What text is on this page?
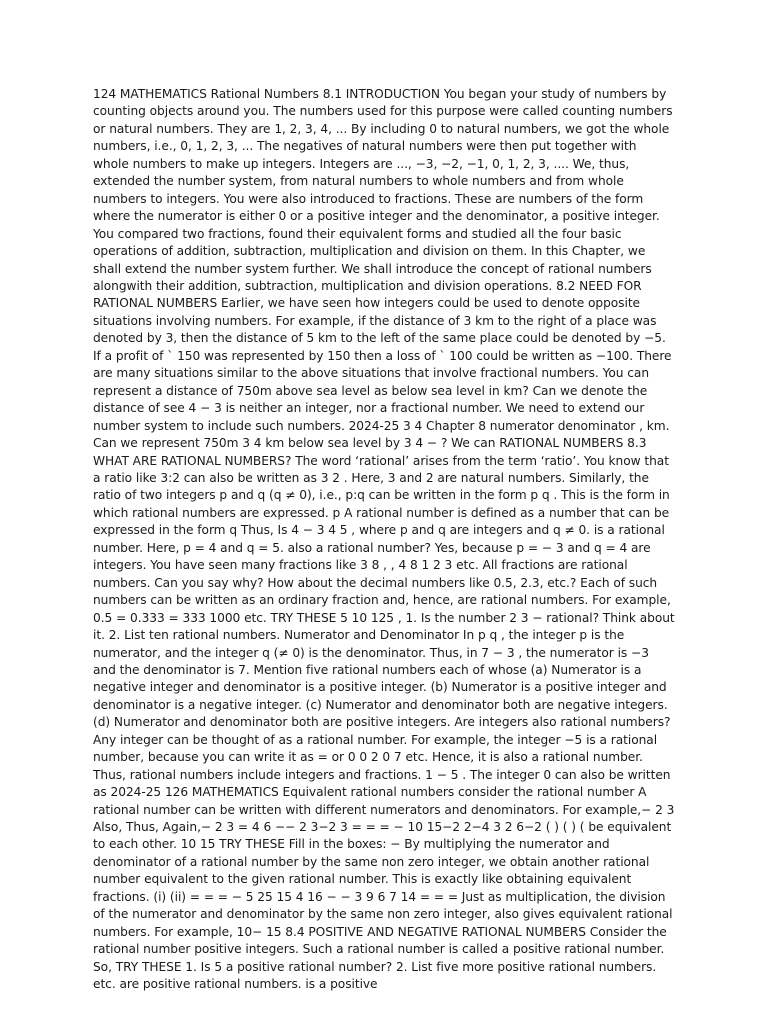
124 MATHEMATICS Rational Numbers 8.1 INTRODUCTION You began your study of numbers by counting objects around you. The numbers used for this purpose were called counting numbers or natural numbers. They are 1, 2, 3, 4, ... By including 0 to natural numbers, we got the whole numbers, i.e., 0, 1, 2, 3, ... The negatives of natural numbers were then put together with whole numbers to make up integers. Integers are ..., −3, −2, −1, 0, 1, 2, 3, .... We, thus, extended the number system, from natural numbers to whole numbers and from whole numbers to integers. You were also introduced to fractions. These are numbers of the form where the numerator is either 0 or a positive integer and the denominator, a positive integer. You compared two fractions, found their equivalent forms and studied all the four basic operations of addition, subtraction, multiplication and division on them. In this Chapter, we shall extend the number system further. We shall introduce the concept of rational numbers alongwith their addition, subtraction, multiplication and division operations. 8.2 NEED FOR RATIONAL NUMBERS Earlier, we have seen how integers could be used to denote opposite situations involving numbers. For example, if the distance of 3 km to the right of a place was denoted by 3, then the distance of 5 km to the left of the same place could be denoted by −5. If a profit of ` 150 was represented by 150 then a loss of ` 100 could be written as −100. There are many situations similar to the above situations that involve fractional numbers. You can represent a distance of 750m above sea level as below sea level in km? Can we denote the distance of see 4 − 3 is neither an integer, nor a fractional number. We need to extend our number system to include such numbers. 2024-25 3 4 Chapter 8 numerator denominator , km. Can we represent 750m 3 4 km below sea level by 3 4 − ? We can RATIONAL NUMBERS 8.3 WHAT ARE RATIONAL NUMBERS? The word ‘rational’ arises from the term ‘ratio’. You know that a ratio like 3:2 can also be written as 3 2 . Here, 3 and 2 are natural numbers. Similarly, the ratio of two integers p and q (q ≠ 0), i.e., p:q can be written in the form p q . This is the form in which rational numbers are expressed. p A rational number is defined as a number that can be expressed in the form q Thus, Is 4 − 3 4 5 , where p and q are integers and q ≠ 0. is a rational number. Here, p = 4 and q = 5. also a rational number? Yes, because p = − 3 and q = 4 are integers. You have seen many fractions like 3 8 , , 4 8 1 2 3 etc. All fractions are rational numbers. Can you say why? How about the decimal numbers like 0.5, 2.3, etc.? Each of such numbers can be written as an ordinary fraction and, hence, are rational numbers. For example, 0.5 = 0.333 = 333 1000 etc. TRY THESE 5 10 125 , 1. Is the number 2 3 − rational? Think about it. 2. List ten rational numbers. Numerator and Denominator In p q , the integer p is the numerator, and the integer q (≠ 0) is the denominator. Thus, in 7 − 3 , the numerator is −3 and the denominator is 7. Mention five rational numbers each of whose (a) Numerator is a negative integer and denominator is a positive integer. (b) Numerator is a positive integer and denominator is a negative integer. (c) Numerator and denominator both are negative integers. (d) Numerator and denominator both are positive integers. Are integers also rational numbers? Any integer can be thought of as a rational number. For example, the integer −5 is a rational number, because you can write it as = or 0 0 2 0 7 etc. Hence, it is also a rational number. Thus, rational numbers include integers and fractions. 1 − 5 . The integer 0 can also be written as 2024-25 126 MATHEMATICS Equivalent rational numbers consider the rational number A rational number can be written with different numerators and denominators. For example,− 2 3 Also, Thus, Again,− 2 3 = 4 6 −− 2 3−2 3 = = = − 10 15−2 2−4 3 2 6−2 ( ) ( ) ( be equivalent to each other. 10 15 TRY THESE Fill in the boxes: − By multiplying the numerator and denominator of a rational number by the same non zero integer, we obtain another rational number equivalent to the given rational number. This is exactly like obtaining equivalent fractions. (i) (ii) = = = − 5 25 15 4 16 − − 3 9 6 7 14 = = = Just as multiplication, the division of the numerator and denominator by the same non zero integer, also gives equivalent rational numbers. For example, 10− 15 8.4 POSITIVE AND NEGATIVE RATIONAL NUMBERS Consider the rational number positive integers. Such a rational number is called a positive rational number. So, TRY THESE 1. Is 5 a positive rational number? 2. List five more positive rational numbers. etc. are positive rational numbers. is a positive
